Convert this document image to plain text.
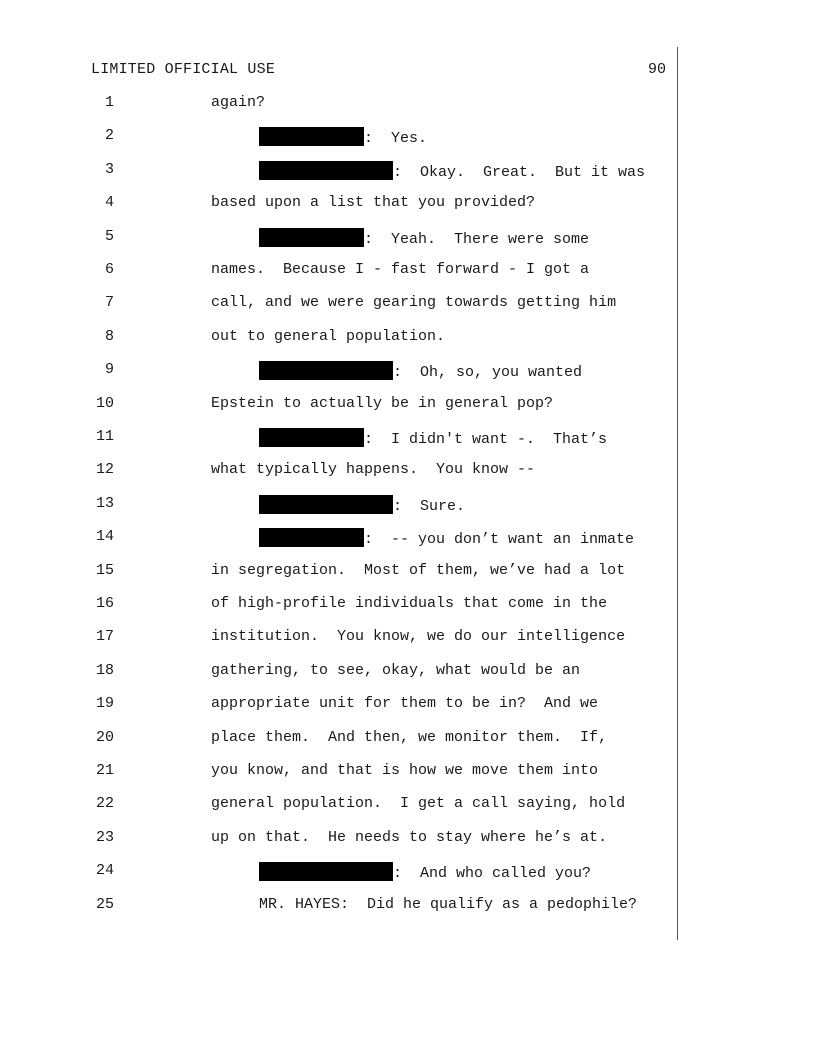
LIMITED OFFICIAL USE	90
1	again?
2	:  Yes.
3	:  Okay.  Great.  But it was
4	based upon a list that you provided?
5	:  Yeah.  There were some
6	names.  Because I - fast forward - I got a
7	call, and we were gearing towards getting him
8	out to general population.
9	:  Oh, so, you wanted
10	Epstein to actually be in general pop?
11	:  I didn't want -.  That’s
12	what typically happens.  You know --
13	:  Sure.
14	:  -- you don’t want an inmate
15	in segregation.  Most of them, we’ve had a lot
16	of high-profile individuals that come in the
17	institution.  You know, we do our intelligence
18	gathering, to see, okay, what would be an
19	appropriate unit for them to be in?  And we
20	place them.  And then, we monitor them.  If,
21	you know, and that is how we move them into
22	general population.  I get a call saying, hold
23	up on that.  He needs to stay where he’s at.
24	:  And who called you?
25	MR. HAYES:  Did he qualify as a pedophile?
